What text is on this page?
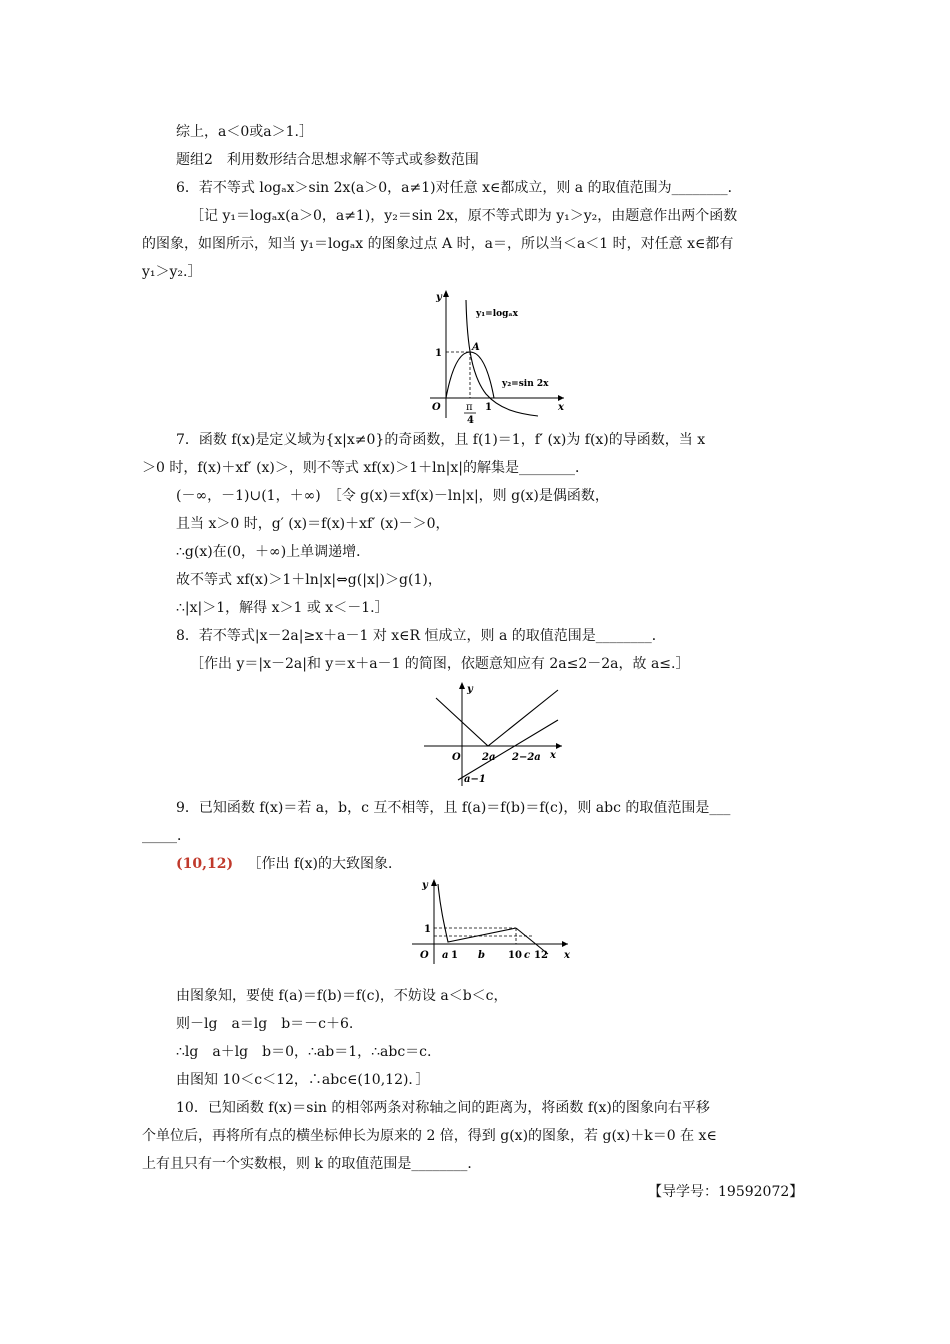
综上，a＜0或a＞1.］
题组2　利用数形结合思想求解不等式或参数范围
6．若不等式 logₐx＞sin 2x(a＞0，a≠1)对任意 x∈都成立，则 a 的取值范围为________．
［记 y₁＝logₐx(a＞0，a≠1)，y₂＝sin 2x，原不等式即为 y₁＞y₂，由题意作出两个函数
的图象，如图所示，知当 y₁＝logₐx 的图象过点 A 时，a＝，所以当＜a＜1 时，对任意 x∈都有
y₁＞y₂.］
y
x
O
1
A
y₁=logₐx
y₂=sin 2x
π
4
1
7．函数 f(x)是定义域为{x|x≠0}的奇函数，且 f(1)＝1，f′ (x)为 f(x)的导函数，当 x
＞0 时，f(x)＋xf′ (x)＞，则不等式 xf(x)＞1＋ln|x|的解集是________．
(－∞，－1)∪(1，＋∞)　［令 g(x)＝xf(x)－ln|x|，则 g(x)是偶函数，
且当 x＞0 时，g′ (x)＝f(x)＋xf′ (x)－＞0，
∴g(x)在(0，＋∞)上单调递增．
故不等式 xf(x)＞1＋ln|x|⇔g(|x|)＞g(1)，
∴|x|＞1，解得 x＞1 或 x＜－1.］
8．若不等式|x－2a|≥x＋a－1 对 x∈R 恒成立，则 a 的取值范围是________．
［作出 y＝|x－2a|和 y＝x＋a－1 的简图，依题意知应有 2a≤2－2a，故 a≤.］
y
x
O 2a 2−2a
a−1
9．已知函数 f(x)＝若 a，b，c 互不相等，且 f(a)＝f(b)＝f(c)，则 abc 的取值范围是___
_____．
(10,12) ［作出 f(x)的大致图象．
y
x
O
1
a 1 b 10 c 12
由图象知，要使 f(a)＝f(b)＝f(c)，不妨设 a＜b＜c，
则－lg　a＝lg　b＝－c＋6.
∴lg　a＋lg　b＝0，∴ab＝1，∴abc＝c.
由图知 10＜c＜12，∴abc∈(10,12)．］
10．已知函数 f(x)＝sin 的相邻两条对称轴之间的距离为，将函数 f(x)的图象向右平移
个单位后，再将所有点的横坐标伸长为原来的 2 倍，得到 g(x)的图象，若 g(x)＋k＝0 在 x∈
上有且只有一个实数根，则 k 的取值范围是________．
【导学号：19592072】
